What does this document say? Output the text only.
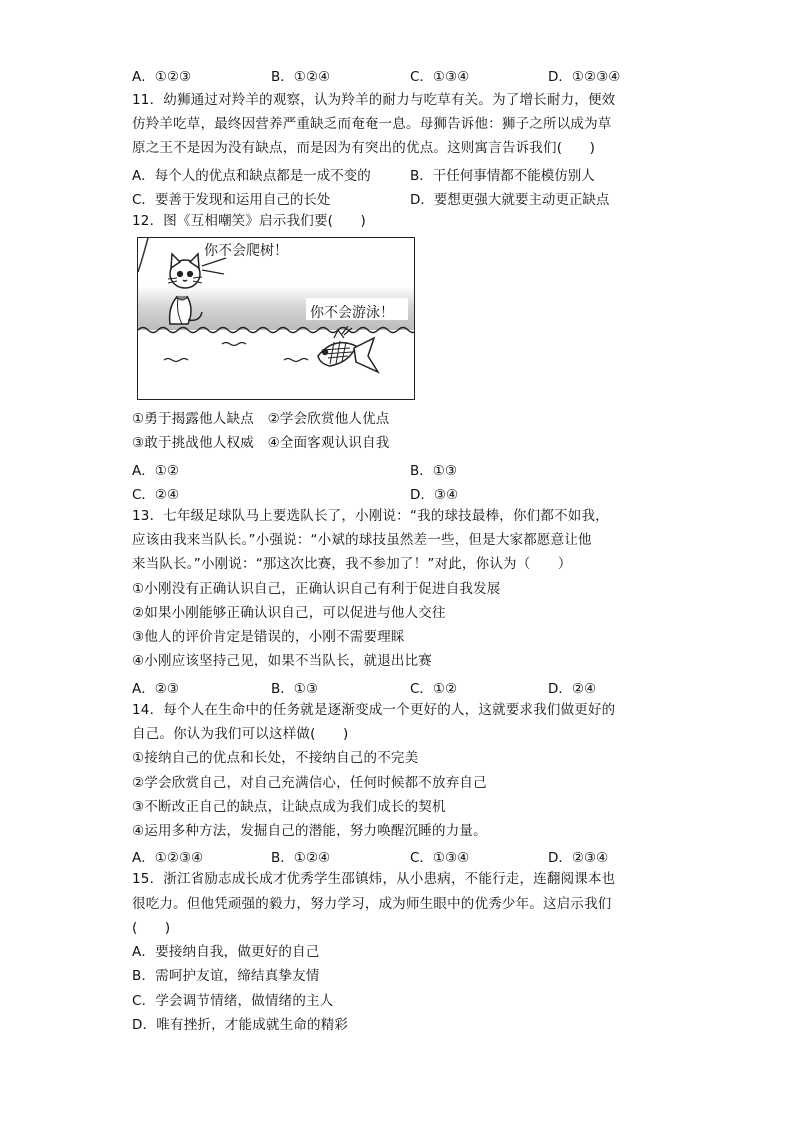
A．①②③	B．①②④	C．①③④	D．①②③④
11．幼狮通过对羚羊的观察，认为羚羊的耐力与吃草有关。为了增长耐力，便效
仿羚羊吃草，最终因营养严重缺乏而奄奄一息。母狮告诉他：狮子之所以成为草
原之王不是因为没有缺点，而是因为有突出的优点。这则寓言告诉我们(　　)
A．每个人的优点和缺点都是一成不变的	B．干任何事情都不能模仿别人
C．要善于发现和运用自己的长处	D．要想更强大就要主动更正缺点
12．图《互相嘲笑》启示我们要(　　)
你不会爬树！
你不会游泳！
①勇于揭露他人缺点　②学会欣赏他人优点
③敢于挑战他人权威　④全面客观认识自我
A．①②	B．①③
C．②④	D．③④
13．七年级足球队马上要选队长了，小刚说：“我的球技最棒，你们都不如我，
应该由我来当队长。”小强说：“小斌的球技虽然差一些，但是大家都愿意让他
来当队长。”小刚说：“那这次比赛，我不参加了！”对此，你认为（　　）
①小刚没有正确认识自己，正确认识自己有利于促进自我发展
②如果小刚能够正确认识自己，可以促进与他人交往
③他人的评价肯定是错误的，小刚不需要理睬
④小刚应该坚持己见，如果不当队长，就退出比赛
A．②③	B．①③	C．①②	D．②④
14．每个人在生命中的任务就是逐渐变成一个更好的人，这就要求我们做更好的
自己。你认为我们可以这样做(　　)
①接纳自己的优点和长处，不接纳自己的不完美
②学会欣赏自己，对自己充满信心，任何时候都不放弃自己
③不断改正自己的缺点，让缺点成为我们成长的契机
④运用多种方法，发掘自己的潜能，努力唤醒沉睡的力量。
A．①②③④	B．①②④	C．①③④	D．②③④
15．浙江省励志成长成才优秀学生邵镇炜，从小患病，不能行走，连翻阅课本也
很吃力。但他凭顽强的毅力，努力学习，成为师生眼中的优秀少年。这启示我们
(　　)
A．要接纳自我，做更好的自己
B．需呵护友谊，缔结真挚友情
C．学会调节情绪，做情绪的主人
D．唯有挫折，才能成就生命的精彩
